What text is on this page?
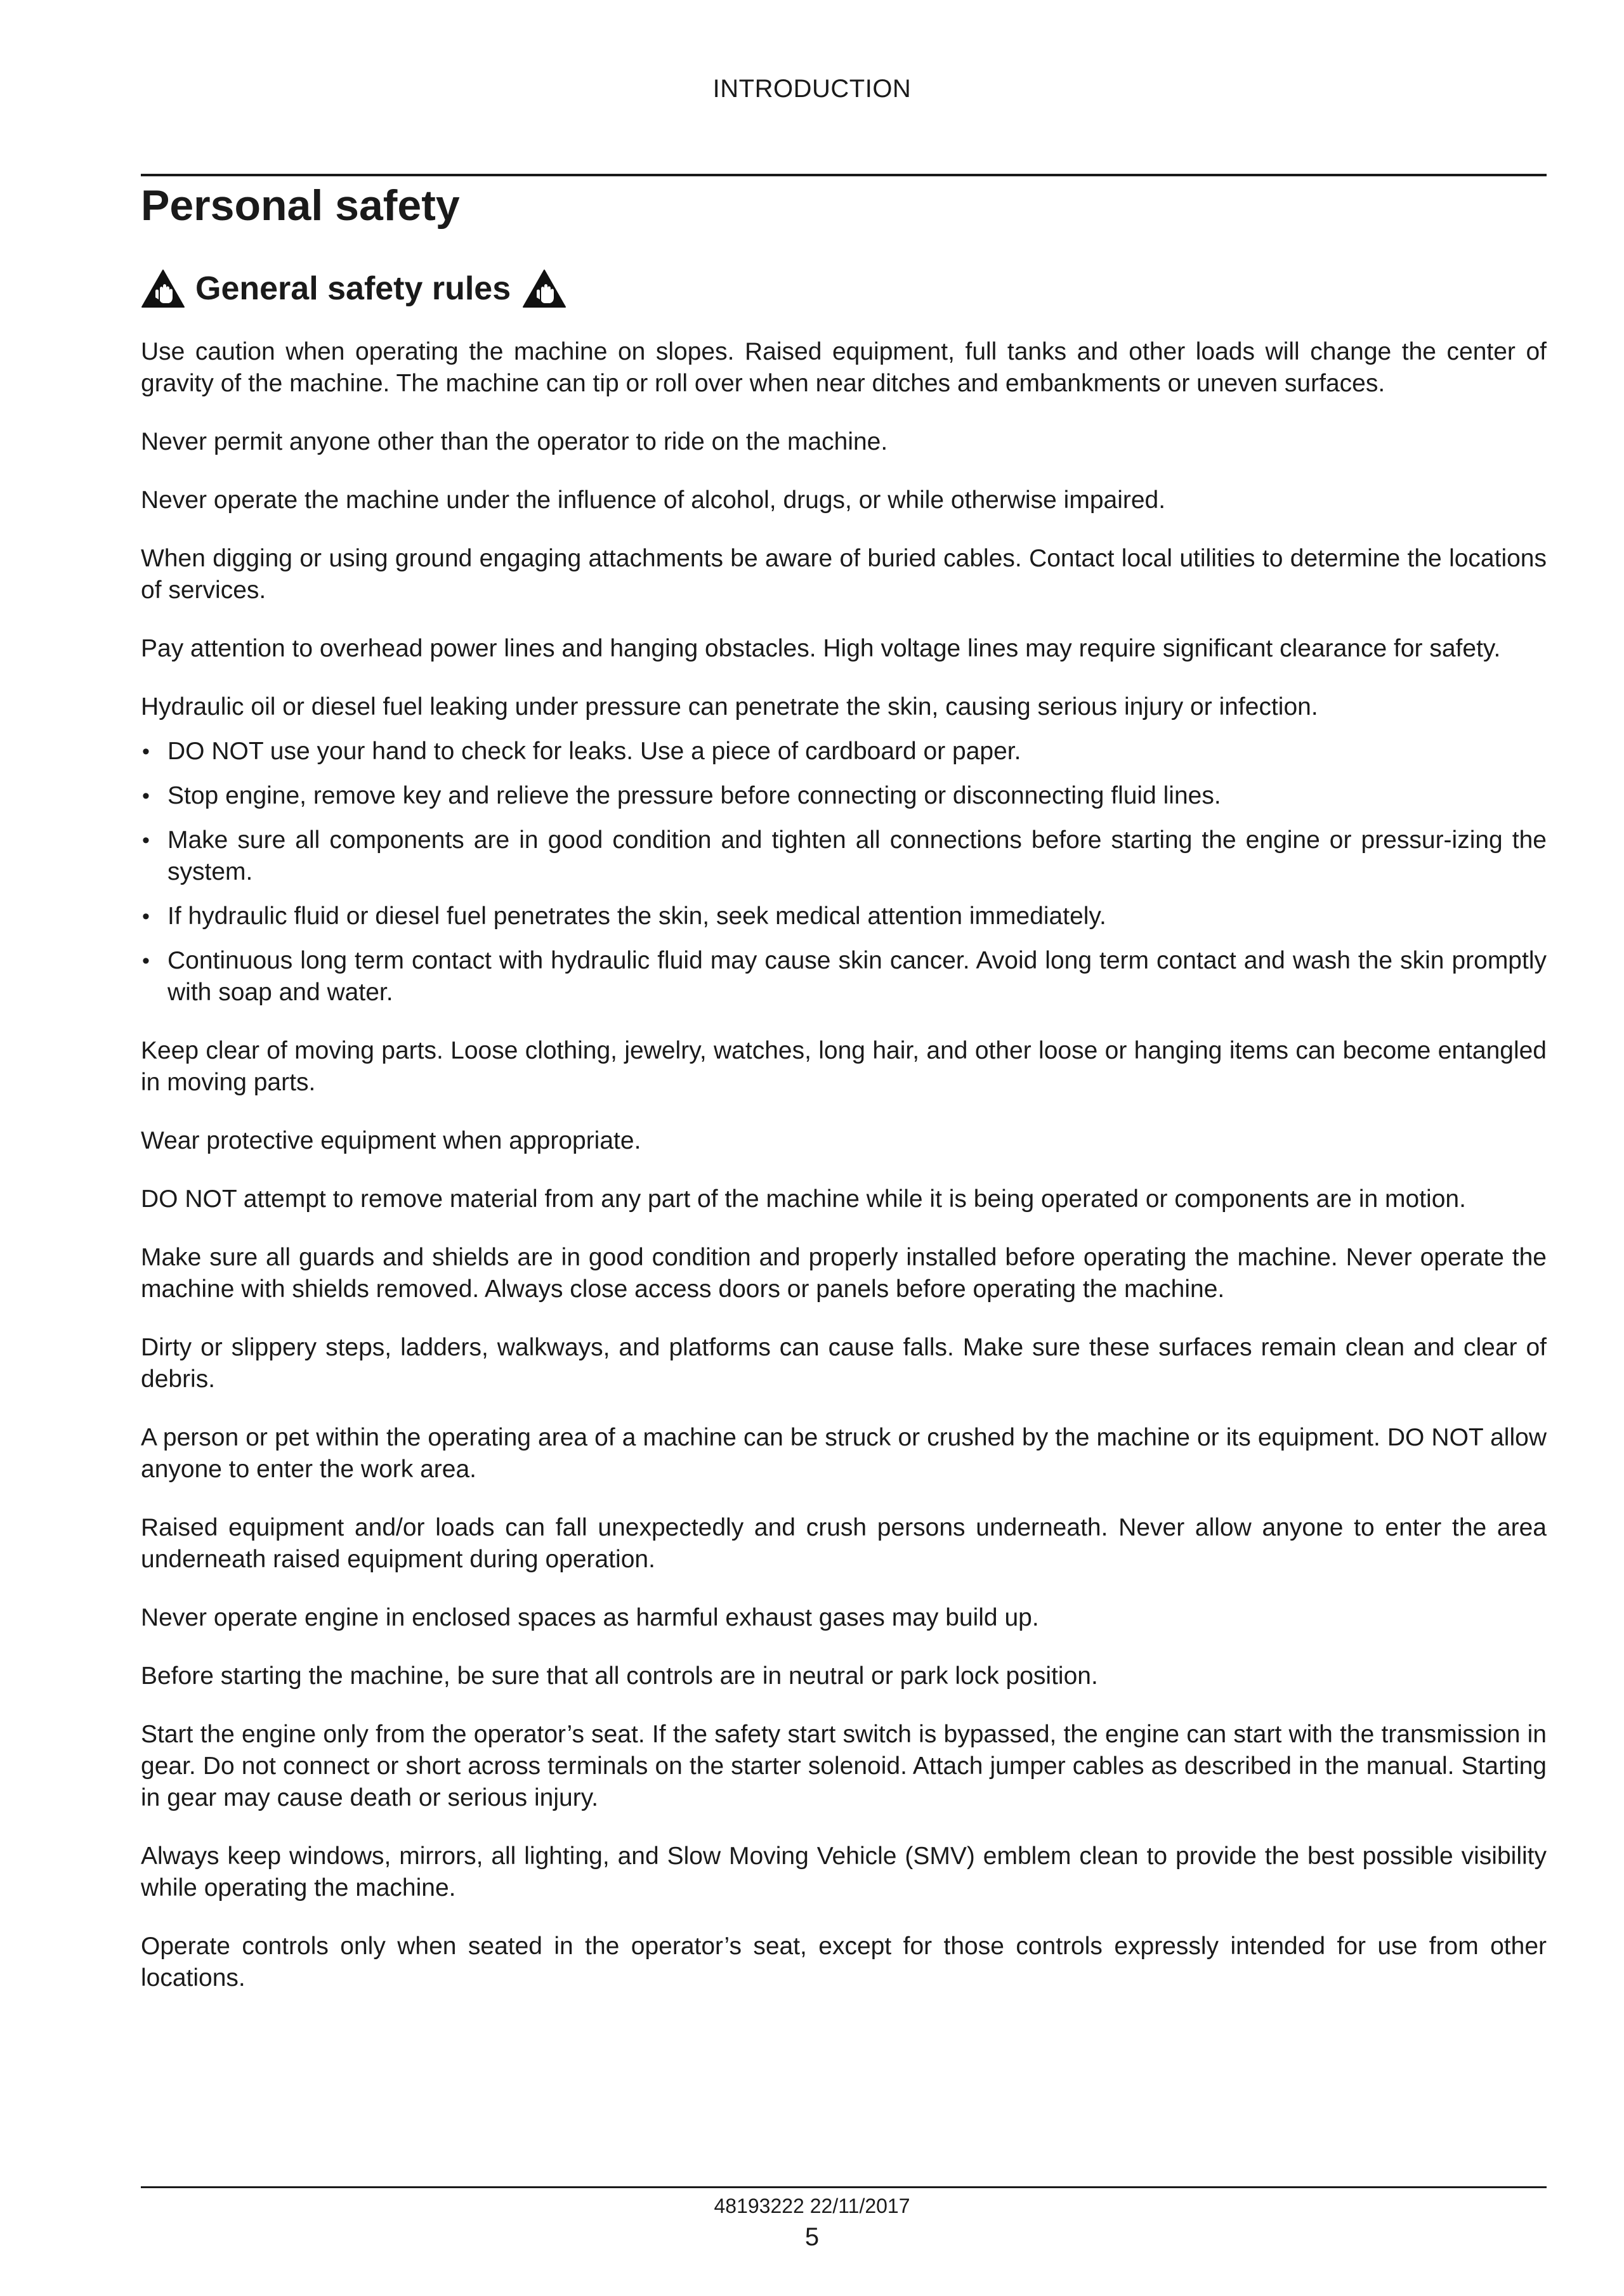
INTRODUCTION
Personal safety
General safety rules

Use caution when operating the machine on slopes. Raised equipment, full tanks and other loads will change the center of gravity of the machine. The machine can tip or roll over when near ditches and embankments or uneven surfaces.

Never permit anyone other than the operator to ride on the machine.

Never operate the machine under the influence of alcohol, drugs, or while otherwise impaired.

When digging or using ground engaging attachments be aware of buried cables. Contact local utilities to determine the locations of services.

Pay attention to overhead power lines and hanging obstacles. High voltage lines may require significant clearance for safety.

Hydraulic oil or diesel fuel leaking under pressure can penetrate the skin, causing serious injury or infection.

• DO NOT use your hand to check for leaks. Use a piece of cardboard or paper.
• Stop engine, remove key and relieve the pressure before connecting or disconnecting fluid lines.
• Make sure all components are in good condition and tighten all connections before starting the engine or pressur-izing the system.
• If hydraulic fluid or diesel fuel penetrates the skin, seek medical attention immediately.
• Continuous long term contact with hydraulic fluid may cause skin cancer. Avoid long term contact and wash the skin promptly with soap and water.

Keep clear of moving parts. Loose clothing, jewelry, watches, long hair, and other loose or hanging items can become entangled in moving parts.

Wear protective equipment when appropriate.

DO NOT attempt to remove material from any part of the machine while it is being operated or components are in motion.

Make sure all guards and shields are in good condition and properly installed before operating the machine. Never operate the machine with shields removed. Always close access doors or panels before operating the machine.

Dirty or slippery steps, ladders, walkways, and platforms can cause falls. Make sure these surfaces remain clean and clear of debris.

A person or pet within the operating area of a machine can be struck or crushed by the machine or its equipment. DO NOT allow anyone to enter the work area.

Raised equipment and/or loads can fall unexpectedly and crush persons underneath. Never allow anyone to enter the area underneath raised equipment during operation.

Never operate engine in enclosed spaces as harmful exhaust gases may build up.

Before starting the machine, be sure that all controls are in neutral or park lock position.

Start the engine only from the operator’s seat. If the safety start switch is bypassed, the engine can start with the transmission in gear. Do not connect or short across terminals on the starter solenoid. Attach jumper cables as described in the manual. Starting in gear may cause death or serious injury.

Always keep windows, mirrors, all lighting, and Slow Moving Vehicle (SMV) emblem clean to provide the best possible visibility while operating the machine.

Operate controls only when seated in the operator’s seat, except for those controls expressly intended for use from other locations.

48193222 22/11/2017
5
